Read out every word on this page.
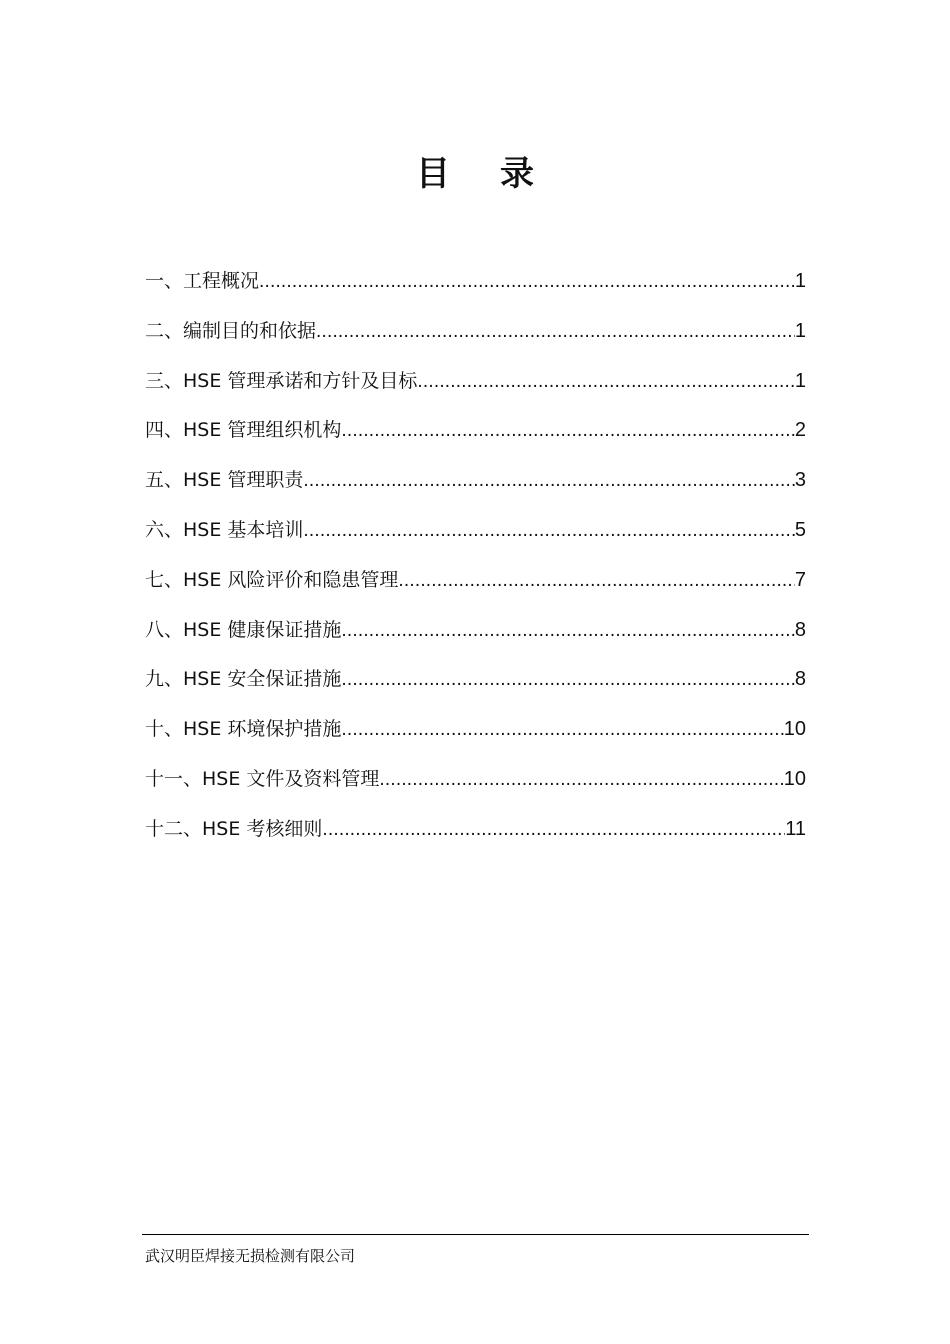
目录
一、工程概况 .....	1
二、编制目的和依据 .....	1
三、HSE 管理承诺和方针及目标 .....	1
四、HSE 管理组织机构 .....	2
五、HSE 管理职责 .....	3
六、HSE 基本培训 .....	5
七、HSE 风险评价和隐患管理 .....	7
八、HSE 健康保证措施 .....	8
九、HSE 安全保证措施 .....	8
十、HSE 环境保护措施 .....	10
十一、HSE 文件及资料管理 .....	10
十二、HSE 考核细则 .....	11
武汉明臣焊接无损检测有限公司
